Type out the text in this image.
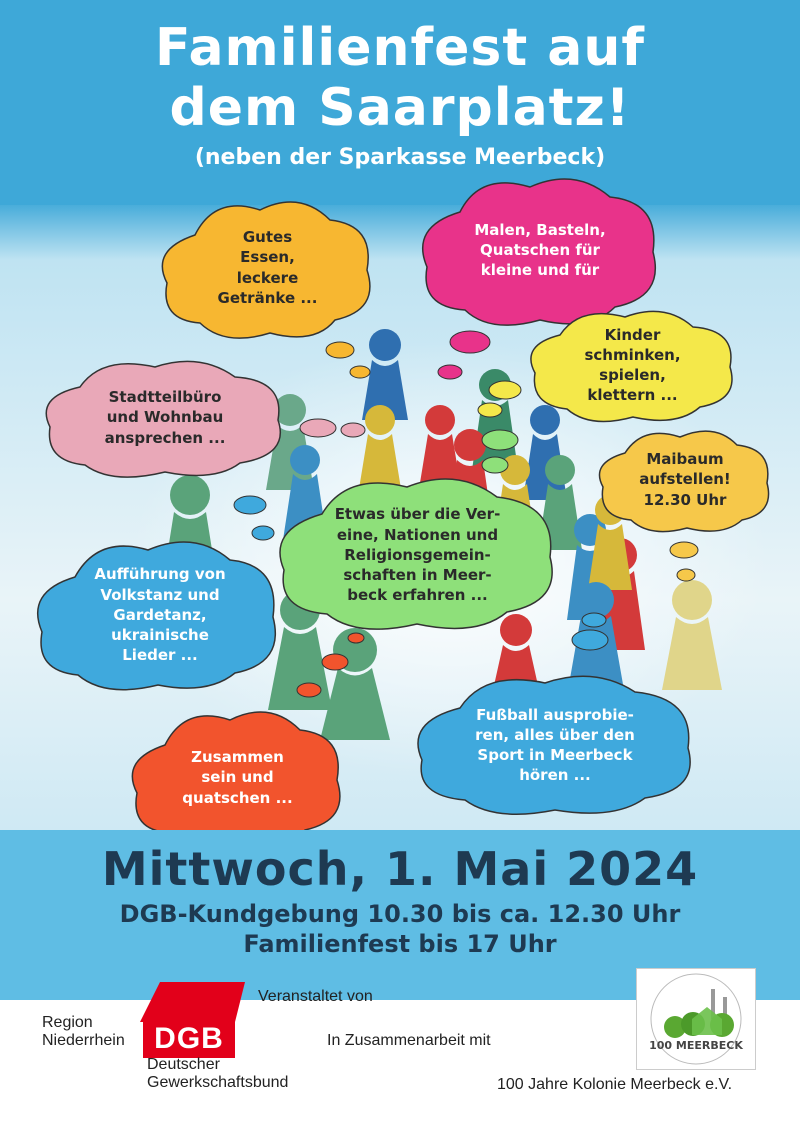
Familienfest auf
dem Saarplatz!
(neben der Sparkasse Meerbeck)
Gutes
Essen,
leckere
Getränke ...
Malen, Basteln,
Quatschen für
kleine und für
Kinder
schminken,
spielen,
klettern ...
Stadtteilbüro
und Wohnbau
ansprechen ...
Maibaum
aufstellen!
12.30 Uhr
Etwas über die Ver-
eine, Nationen und
Religionsgemein-
schaften in Meer-
beck erfahren ...
Aufführung von
Volkstanz und
Gardetanz,
ukrainische
Lieder ...
Fußball ausprobie-
ren, alles über den
Sport in Meerbeck
hören ...
Zusammen
sein und
quatschen ...
Mittwoch, 1. Mai 2024
DGB-Kundgebung 10.30 bis ca. 12.30 Uhr
Familienfest bis 17 Uhr
Veranstaltet von
In Zusammenarbeit mit
Region
Niederrhein DGB
Deutscher
Gewerkschaftsbund
100 MEERBECK
100 Jahre Kolonie Meerbeck e.V.
